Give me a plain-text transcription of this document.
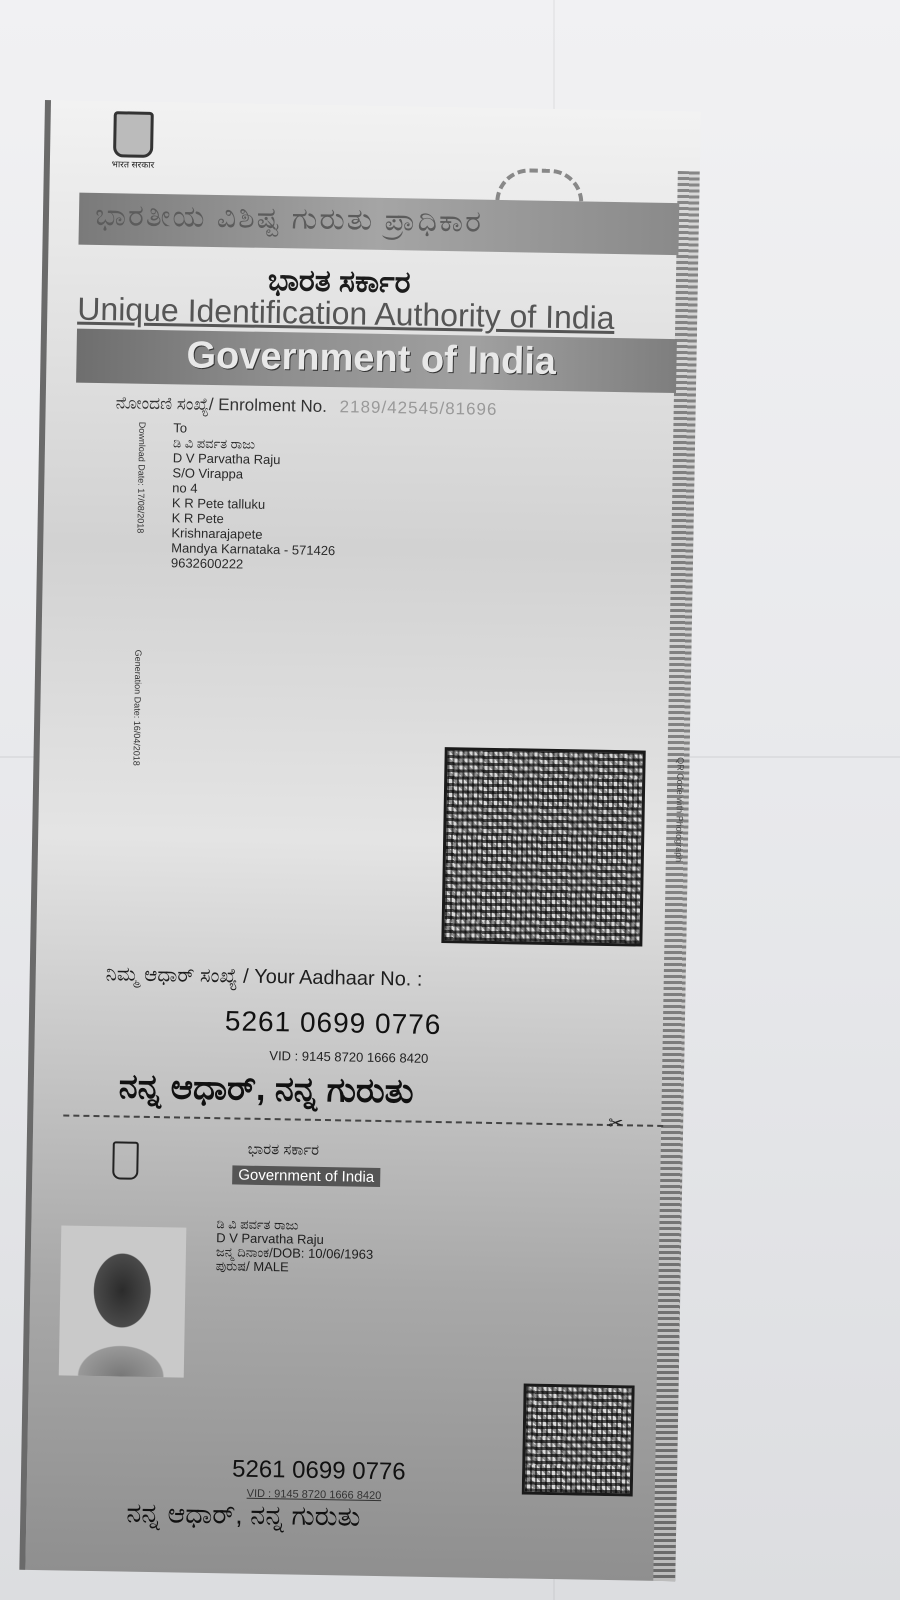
भारत सरकार
ಭಾರತೀಯ ವಿಶಿಷ್ಟ ಗುರುತು ಪ್ರಾಧಿಕಾರ
ಭಾರತ ಸರ್ಕಾರ
Unique Identification Authority of India
Government of India
ನೋಂದಣಿ ಸಂಖ್ಯೆ/ Enrolment No. 2189/42545/81696
Download Date: 17/08/2018
Generation Date: 16/04/2018
To
ಡಿ ವಿ ಪರ್ವತ ರಾಜು
D V Parvatha Raju
S/O Virappa
no 4
K R Pete talluku
K R Pete
Krishnarajapete
Mandya Karnataka - 571426
9632600222
QR Code with Photograph
ನಿಮ್ಮ ಆಧಾರ್ ಸಂಖ್ಯೆ / Your Aadhaar No. :
5261 0699 0776
VID : 9145 8720 1666 8420
ನನ್ನ ಆಧಾರ್, ನನ್ನ ಗುರುತು
✂
ಭಾರತ ಸರ್ಕಾರ
Government of India
ಡಿ ವಿ ಪರ್ವತ ರಾಜು
D V Parvatha Raju
ಜನ್ಮ ದಿನಾಂಕ/DOB: 10/06/1963
ಪುರುಷ/ MALE
5261 0699 0776
VID : 9145 8720 1666 8420
ನನ್ನ ಆಧಾರ್, ನನ್ನ ಗುರುತು
